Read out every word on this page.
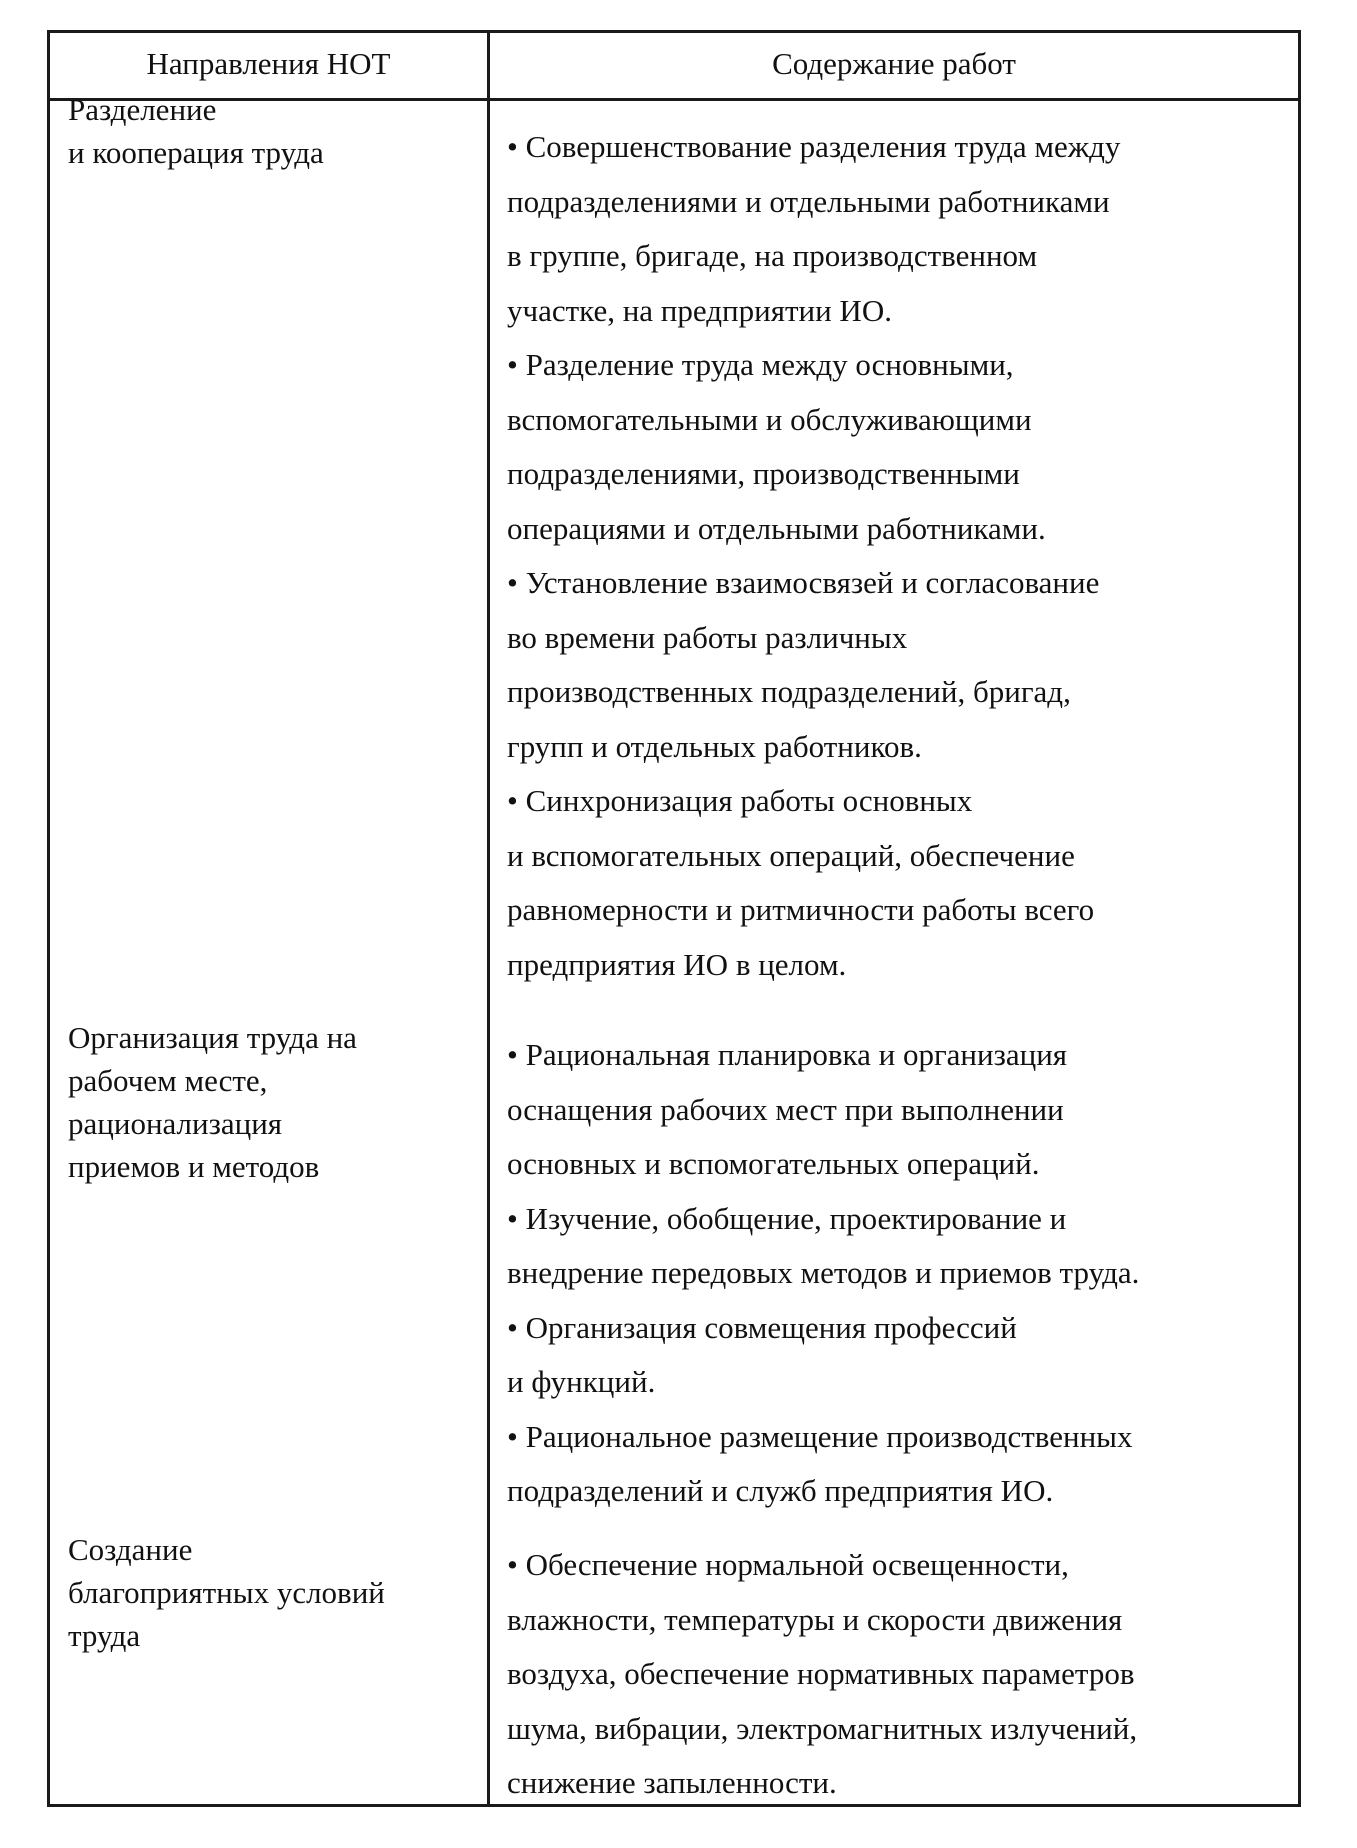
Направления НОТ	Содержание работ
Разделение
и кооперация труда	• Совершенствование разделения труда между
подразделениями и отдельными работниками
в группе, бригаде, на производственном
участке, на предприятии ИО.
• Разделение труда между основными,
вспомогательными и обслуживающими
подразделениями, производственными
операциями и отдельными работниками.
• Установление взаимосвязей и согласование
во времени работы различных
производственных подразделений, бригад,
групп и отдельных работников.
• Синхронизация работы основных
и вспомогательных операций, обеспечение
равномерности и ритмичности работы всего
предприятия ИО в целом.
Организация труда на
рабочем месте,
рационализация
приемов и методов
• Рациональная планировка и организация
оснащения рабочих мест при выполнении
основных и вспомогательных операций.
• Изучение, обобщение, проектирование и
внедрение передовых методов и приемов труда.
• Организация совмещения профессий
и функций.
• Рациональное размещение производственных
подразделений и служб предприятия ИО.
Создание
благоприятных условий
труда
• Обеспечение нормальной освещенности,
влажности, температуры и скорости движения
воздуха, обеспечение нормативных параметров
шума, вибрации, электромагнитных излучений,
снижение запыленности.
